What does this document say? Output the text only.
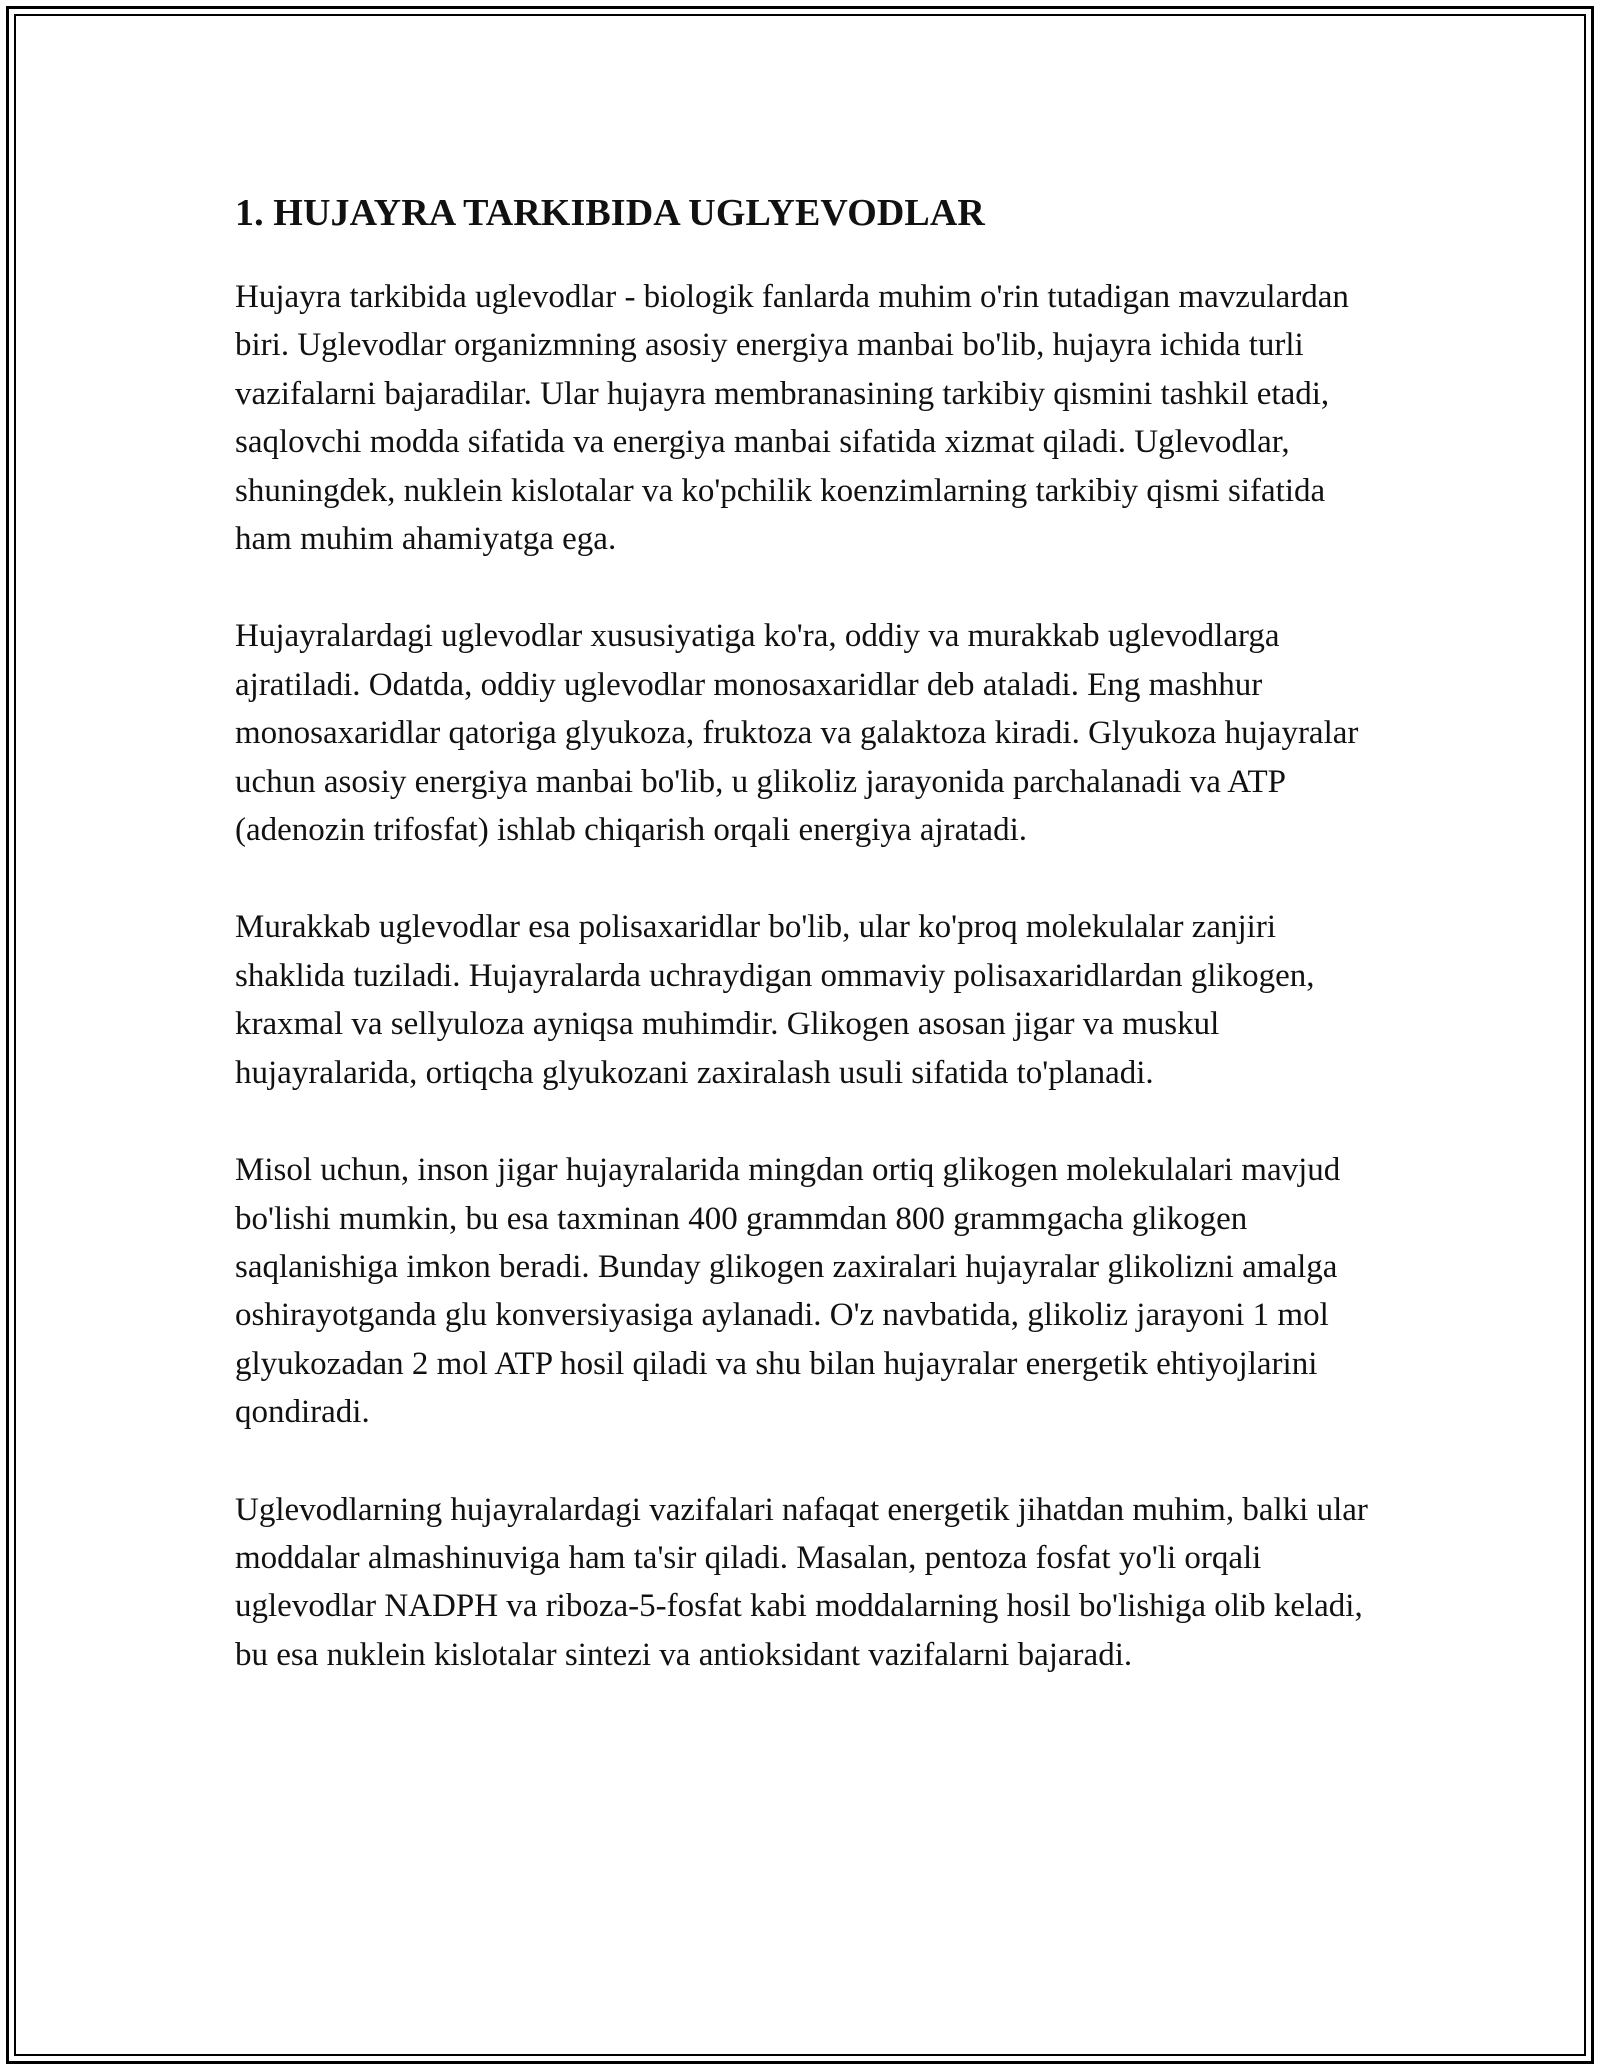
1. HUJAYRA TARKIBIDA UGLYEVODLAR

Hujayra tarkibida uglevodlar - biologik fanlarda muhim o'rin tutadigan mavzulardan biri. Uglevodlar organizmning asosiy energiya manbai bo'lib, hujayra ichida turli vazifalarni bajaradilar. Ular hujayra membranasining tarkibiy qismini tashkil etadi, saqlovchi modda sifatida va energiya manbai sifatida xizmat qiladi. Uglevodlar, shuningdek, nuklein kislotalar va ko'pchilik koenzimlarning tarkibiy qismi sifatida ham muhim ahamiyatga ega.

Hujayralardagi uglevodlar xususiyatiga ko'ra, oddiy va murakkab uglevodlarga ajratiladi. Odatda, oddiy uglevodlar monosaxaridlar deb ataladi. Eng mashhur monosaxaridlar qatoriga glyukoza, fruktoza va galaktoza kiradi. Glyukoza hujayralar uchun asosiy energiya manbai bo'lib, u glikoliz jarayonida parchalanadi va ATP (adenozin trifosfat) ishlab chiqarish orqali energiya ajratadi.

Murakkab uglevodlar esa polisaxaridlar bo'lib, ular ko'proq molekulalar zanjiri shaklida tuziladi. Hujayralarda uchraydigan ommaviy polisaxaridlardan glikogen, kraxmal va sellyuloza ayniqsa muhimdir. Glikogen asosan jigar va muskul hujayralarida, ortiqcha glyukozani zaxiralash usuli sifatida to'planadi.

Misol uchun, inson jigar hujayralarida mingdan ortiq glikogen molekulalari mavjud bo'lishi mumkin, bu esa taxminan 400 grammdan 800 grammgacha glikogen saqlanishiga imkon beradi. Bunday glikogen zaxiralari hujayralar glikolizni amalga oshirayotganda glu konversiyasiga aylanadi. O'z navbatida, glikoliz jarayoni 1 mol glyukozadan 2 mol ATP hosil qiladi va shu bilan hujayralar energetik ehtiyojlarini qondiradi.

Uglevodlarning hujayralardagi vazifalari nafaqat energetik jihatdan muhim, balki ular moddalar almashinuviga ham ta'sir qiladi. Masalan, pentoza fosfat yo'li orqali uglevodlar NADPH va riboza-5-fosfat kabi moddalarning hosil bo'lishiga olib keladi, bu esa nuklein kislotalar sintezi va antioksidant vazifalarni bajaradi.
